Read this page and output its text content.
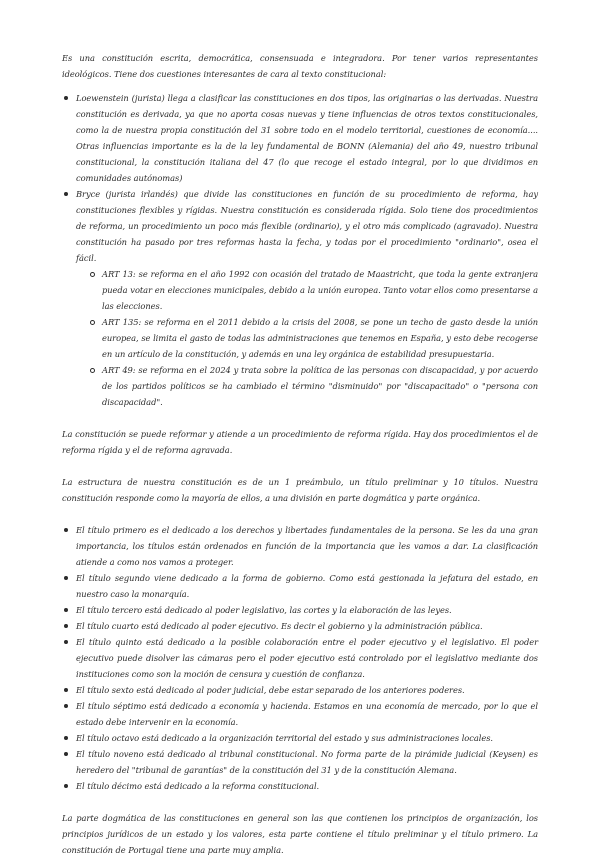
Es una constitución escrita, democrática, consensuada e integradora. Por tener varios representantes ideológicos. Tiene dos cuestiones interesantes de cara al texto constitucional:

Loewenstein (jurista) llega a clasificar las constituciones en dos tipos, las originarias o las derivadas. Nuestra constitución es derivada, ya que no aporta cosas nuevas y tiene influencias de otros textos constitucionales, como la de nuestra propia constitución del 31 sobre todo en el modelo territorial, cuestiones de economía.... Otras influencias importante es la de la ley fundamental de BONN (Alemania) del año 49, nuestro tribunal constitucional, la constitución italiana del 47 (lo que recoge el estado integral, por lo que dividimos en comunidades autónomas)
Bryce (jurista irlandés) que divide las constituciones en función de su procedimiento de reforma, hay constituciones flexibles y rígidas. Nuestra constitución es considerada rígida. Solo tiene dos procedimientos de reforma, un procedimiento un poco más flexible (ordinario), y el otro más complicado (agravado). Nuestra constitución ha pasado por tres reformas hasta la fecha, y todas por el procedimiento "ordinario", osea el fácil.
ART 13: se reforma en el año 1992 con ocasión del tratado de Maastricht, que toda la gente extranjera pueda votar en elecciones municipales, debido a la unión europea. Tanto votar ellos como presentarse a las elecciones.
ART 135: se reforma en el 2011 debido a la crisis del 2008, se pone un techo de gasto desde la unión europea, se limita el gasto de todas las administraciones que tenemos en España, y esto debe recogerse en un artículo de la constitución, y además en una ley orgánica de estabilidad presupuestaria.
ART 49: se reforma en el 2024 y trata sobre la política de las personas con discapacidad, y por acuerdo de los partidos políticos se ha cambiado el término "disminuido" por "discapacitado" o "persona con discapacidad".

La constitución se puede reformar y atiende a un procedimiento de reforma rígida. Hay dos procedimientos el de reforma rígida y el de reforma agravada.

La estructura de nuestra constitución es de un 1 preámbulo, un título preliminar y 10 títulos. Nuestra constitución responde como la mayoría de ellos, a una división en parte dogmática y parte orgánica.

El título primero es el dedicado a los derechos y libertades fundamentales de la persona. Se les da una gran importancia, los títulos están ordenados en función de la importancia que les vamos a dar. La clasificación atiende a como nos vamos a proteger.
El título segundo viene dedicado a la forma de gobierno. Como está gestionada la jefatura del estado, en nuestro caso la monarquía.
El título tercero está dedicado al poder legislativo, las cortes y la elaboración de las leyes.
El título cuarto está dedicado al poder ejecutivo. Es decir el gobierno y la administración pública.
El título quinto está dedicado a la posible colaboración entre el poder ejecutivo y el legislativo. El poder ejecutivo puede disolver las cámaras pero el poder ejecutivo está controlado por el legislativo mediante dos instituciones como son la moción de censura y cuestión de confianza.
El título sexto está dedicado al poder judicial, debe estar separado de los anteriores poderes.
El título séptimo está dedicado a economía y hacienda. Estamos en una economía de mercado, por lo que el estado debe intervenir en la economía.
El título octavo está dedicado a la organización territorial del estado y sus administraciones locales.
El título noveno está dedicado al tribunal constitucional. No forma parte de la pirámide judicial (Keysen) es heredero del "tribunal de garantías" de la constitución del 31 y de la constitución Alemana.
El título décimo está dedicado a la reforma constitucional.

La parte dogmática de las constituciones en general son las que contienen los principios de organización, los principios jurídicos de un estado y los valores, esta parte contiene el título preliminar y el título primero. La constitución de Portugal tiene una parte muy amplia.
